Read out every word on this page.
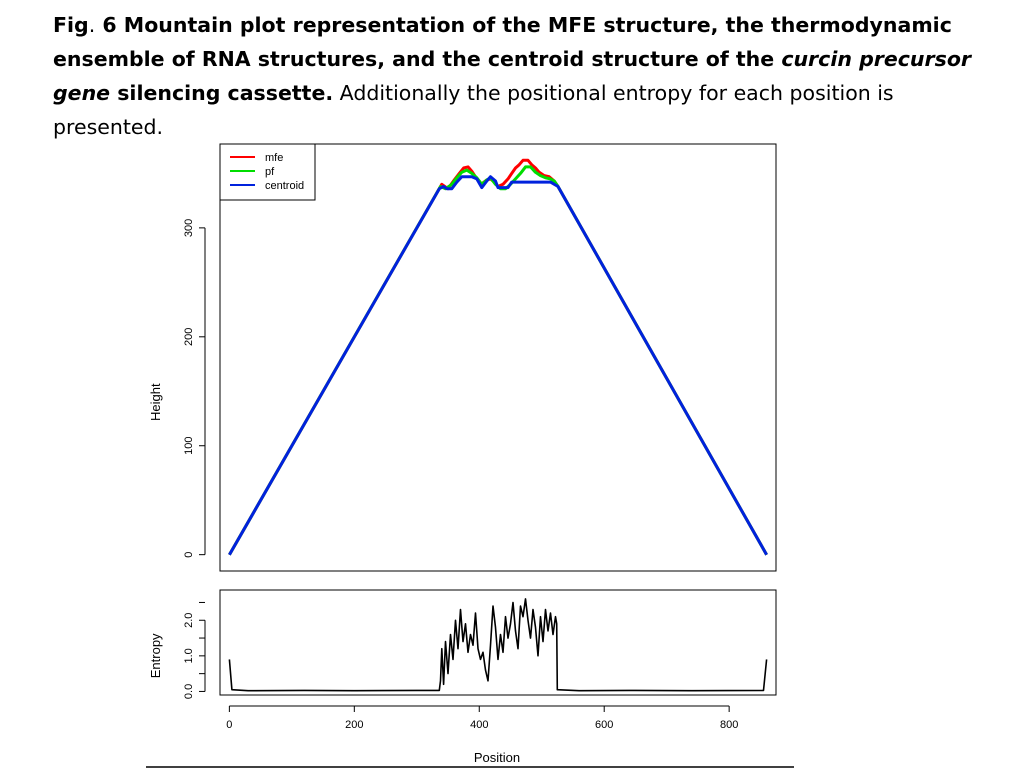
Fig. 6 Mountain plot representation of the MFE structure, the thermodynamic ensemble of RNA structures, and the centroid structure of the curcin precursor gene silencing cassette. Additionally the positional entropy for each position is presented.
0
100
200
300
Height
mfe
pf
centroid
0.0
1.0
2.0
Entropy
0	200	400	600	800
Position
